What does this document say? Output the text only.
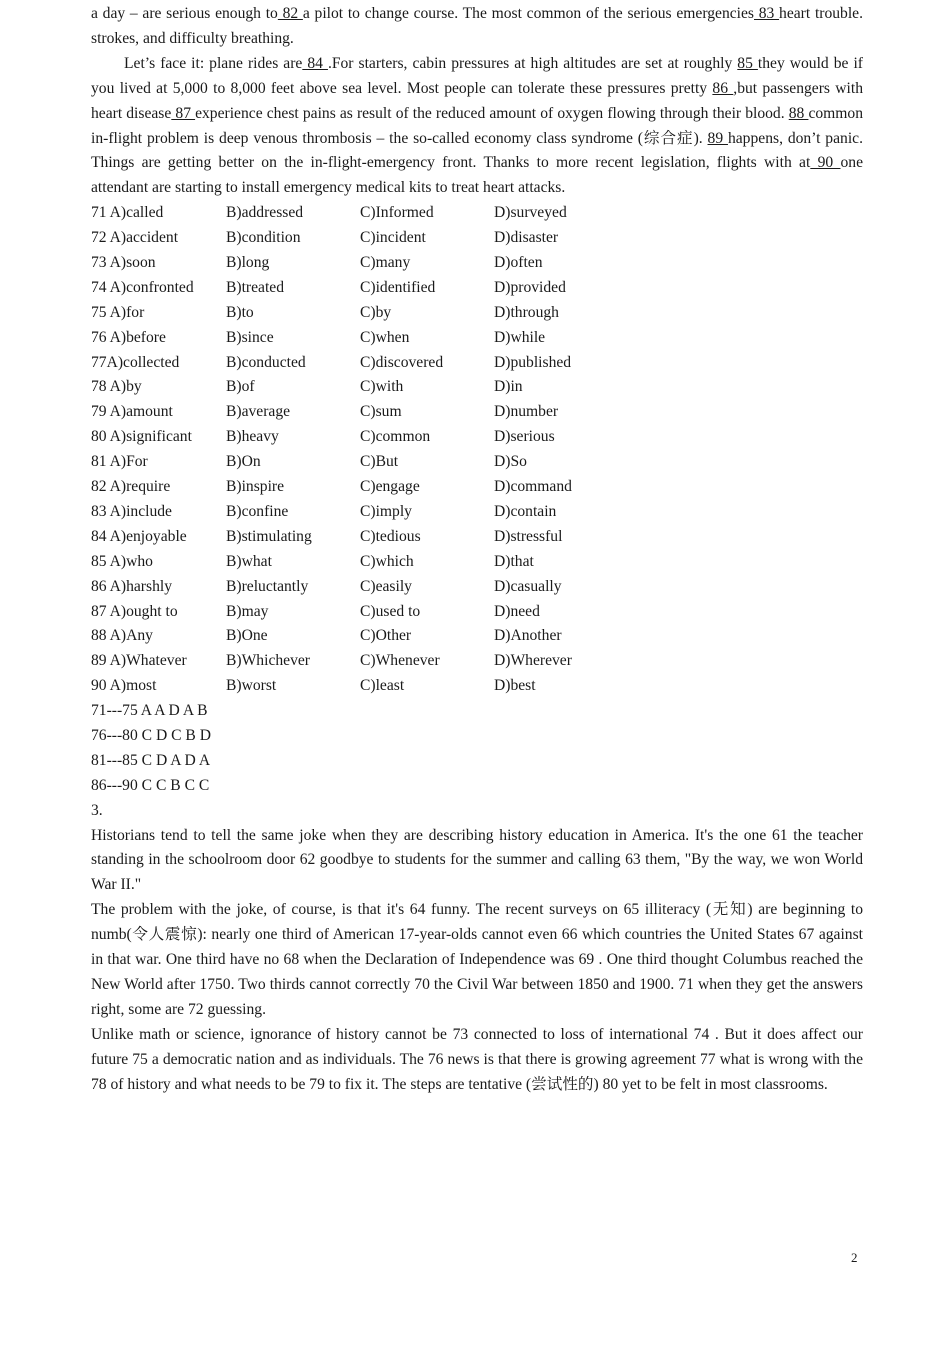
a day – are serious enough to 82 a pilot to change course. The most common of the serious emergencies 83 heart trouble. strokes, and difficulty breathing.

Let’s face it: plane rides are 84 .For starters, cabin pressures at high altitudes are set at roughly 85 they would be if you lived at 5,000 to 8,000 feet above sea level. Most people can tolerate these pressures pretty 86 ,but passengers with heart disease 87 experience chest pains as result of the reduced amount of oxygen flowing through their blood. 88 common in-flight problem is deep venous thrombosis – the so-called economy class syndrome (综合症). 89 happens, don’t panic. Things are getting better on the in-flight-emergency front. Thanks to more recent legislation, flights with at 90 one attendant are starting to install emergency medical kits to treat heart attacks.

71 A)called	B)addressed	C)Informed	D)surveyed
72 A)accident	B)condition	C)incident	D)disaster
73 A)soon	B)long	C)many	D)often
74 A)confronted	B)treated	C)identified	D)provided
75 A)for	B)to	C)by	D)through
76 A)before	B)since	C)when	D)while
77A)collected	B)conducted	C)discovered	D)published
78 A)by	B)of	C)with	D)in
79 A)amount	B)average	C)sum	D)number
80 A)significant	B)heavy	C)common	D)serious
81 A)For	B)On	C)But	D)So
82 A)require	B)inspire	C)engage	D)command
83 A)include	B)confine	C)imply	D)contain
84 A)enjoyable	B)stimulating	C)tedious	D)stressful
85 A)who	B)what	C)which	D)that
86 A)harshly	B)reluctantly	C)easily	D)casually
87 A)ought to	B)may	C)used to	D)need
88 A)Any	B)One	C)Other	D)Another
89 A)Whatever	B)Whichever	C)Whenever	D)Wherever
90 A)most	B)worst	C)least	D)best
71---75 A A D A B
76---80 C D C B D
81---85 C D A D A
86---90 C C B C C
3.

Historians tend to tell the same joke when they are describing history education in America. It's the one 61 the teacher standing in the schoolroom door 62 goodbye to students for the summer and calling 63 them, "By the way, we won World War II."

The problem with the joke, of course, is that it's 64 funny. The recent surveys on 65 illiteracy (无知) are beginning to numb(令人震惊): nearly one third of American 17-year-olds cannot even 66 which countries the United States 67 against in that war. One third have no 68 when the Declaration of Independence was 69 . One third thought Columbus reached the New World after 1750. Two thirds cannot correctly 70 the Civil War between 1850 and 1900. 71 when they get the answers right, some are 72 guessing.

Unlike math or science, ignorance of history cannot be 73 connected to loss of international 74 . But it does affect our future 75 a democratic nation and as individuals. The 76 news is that there is growing agreement 77 what is wrong with the 78 of history and what needs to be 79 to fix it. The steps are tentative (尝试性的) 80 yet to be felt in most classrooms.

2
